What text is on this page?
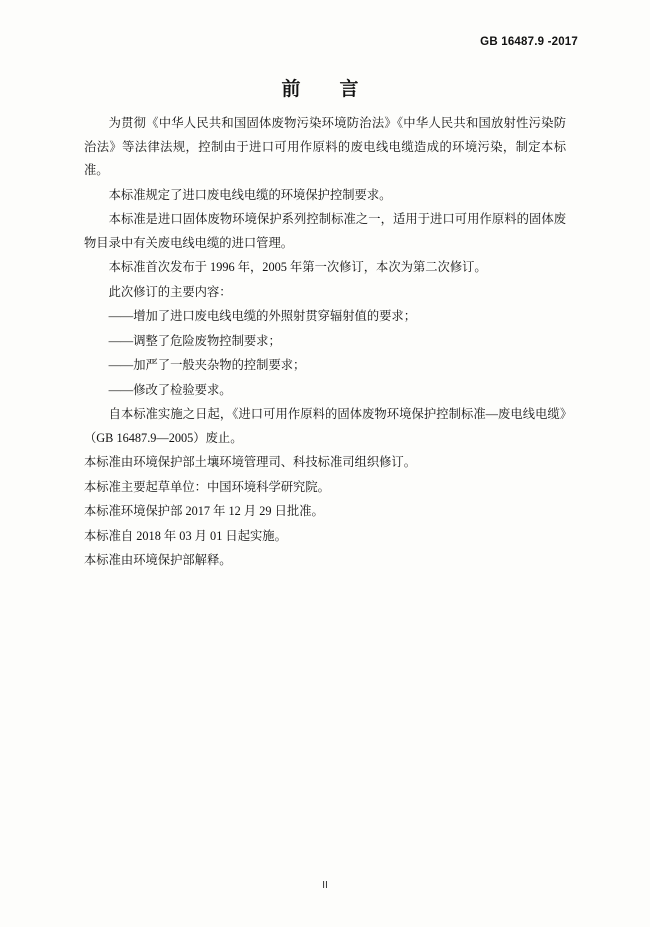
GB 16487.9 -2017
前　言

为贯彻《中华人民共和国固体废物污染环境防治法》《中华人民共和国放射性污染防治法》等法律法规，控制由于进口可用作原料的废电线电缆造成的环境污染，制定本标准。

本标准规定了进口废电线电缆的环境保护控制要求。

本标准是进口固体废物环境保护系列控制标准之一，适用于进口可用作原料的固体废物目录中有关废电线电缆的进口管理。

本标准首次发布于 1996 年，2005 年第一次修订，本次为第二次修订。

此次修订的主要内容：

——增加了进口废电线电缆的外照射贯穿辐射值的要求；

——调整了危险废物控制要求；

——加严了一般夹杂物的控制要求；

——修改了检验要求。

自本标准实施之日起，《进口可用作原料的固体废物环境保护控制标准—废电线电缆》（GB 16487.9—2005）废止。

本标准由环境保护部土壤环境管理司、科技标准司组织修订。

本标准主要起草单位：中国环境科学研究院。

本标准环境保护部 2017 年 12 月 29 日批准。

本标准自 2018 年 03 月 01 日起实施。

本标准由环境保护部解释。

II
